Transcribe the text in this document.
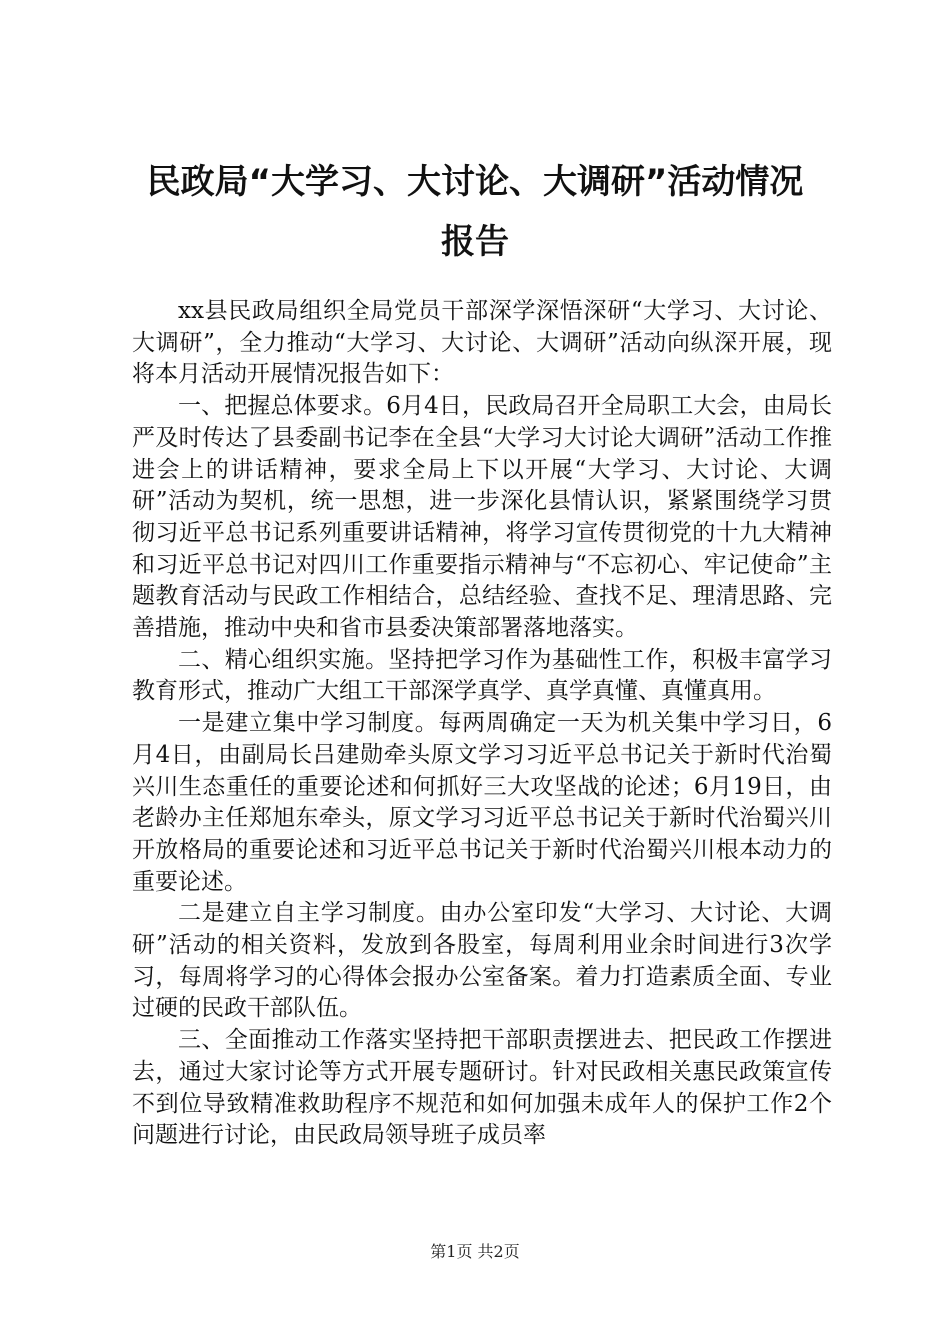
民政局“大学习、大讨论、大调研”活动情况
报告

xx县民政局组织全局党员干部深学深悟深研“大学习、大讨论、大调研”，全力推动“大学习、大讨论、大调研”活动向纵深开展，现将本月活动开展情况报告如下：

一、把握总体要求。6月4日，民政局召开全局职工大会，由局长严及时传达了县委副书记李在全县“大学习大讨论大调研”活动工作推进会上的讲话精神，要求全局上下以开展“大学习、大讨论、大调研”活动为契机，统一思想，进一步深化县情认识，紧紧围绕学习贯彻习近平总书记系列重要讲话精神，将学习宣传贯彻党的十九大精神和习近平总书记对四川工作重要指示精神与“不忘初心、牢记使命”主题教育活动与民政工作相结合，总结经验、查找不足、理清思路、完善措施，推动中央和省市县委决策部署落地落实。

二、精心组织实施。坚持把学习作为基础性工作，积极丰富学习教育形式，推动广大组工干部深学真学、真学真懂、真懂真用。

一是建立集中学习制度。每两周确定一天为机关集中学习日，6月4日，由副局长吕建勋牵头原文学习习近平总书记关于新时代治蜀兴川生态重任的重要论述和何抓好三大攻坚战的论述；6月19日，由老龄办主任郑旭东牵头，原文学习习近平总书记关于新时代治蜀兴川开放格局的重要论述和习近平总书记关于新时代治蜀兴川根本动力的重要论述。

二是建立自主学习制度。由办公室印发“大学习、大讨论、大调研”活动的相关资料，发放到各股室，每周利用业余时间进行3次学习，每周将学习的心得体会报办公室备案。着力打造素质全面、专业过硬的民政干部队伍。

三、全面推动工作落实坚持把干部职责摆进去、把民政工作摆进去，通过大家讨论等方式开展专题研讨。针对民政相关惠民政策宣传不到位导致精准救助程序不规范和如何加强未成年人的保护工作2个问题进行讨论，由民政局领导班子成员率

第1页 共2页
